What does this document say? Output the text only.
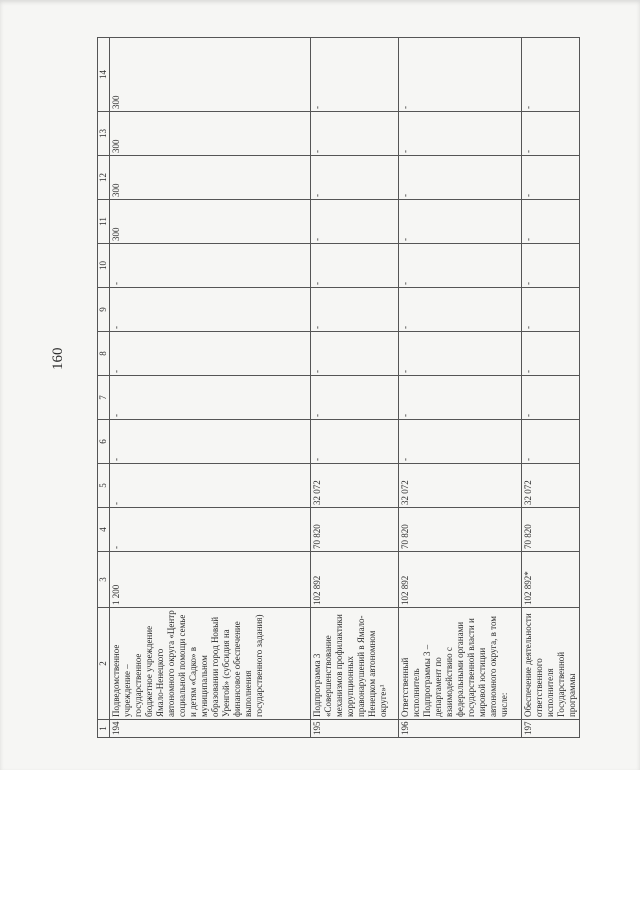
160
1	2	3	4	5	6	7	8	9	10	11	12	13	14
194	Подведомственное учреждение – государственное бюджетное учреждение Ямало-Ненецкого автономного округа «Центр социальной помощи семье и детям «Садко» в муниципальном образовании город Новый Уренгой» (субсидия на финансовое обеспечение выполнения государственного задания)	1 200	-	-	-	-	-	-	-	300	300	300	300
195	Подпрограмма 3 «Совершенствование механизмов профилактики коррупционных правонарушений в Ямало-Ненецком автономном округе»¹	102 892	70 820	32 072	-	-	-	-	-	-	-	-	-
196	Ответственный исполнитель Подпрограммы 3 – департамент по взаимодействию с федеральными органами государственной власти и мировой юстиции автономного округа, в том числе:	102 892	70 820	32 072	-	-	-	-	-	-	-	-	-
197	Обеспечение деятельности ответственного исполнителя Государственной программы	102 892*	70 820	32 072	-	-	-	-	-	-	-	-	-
